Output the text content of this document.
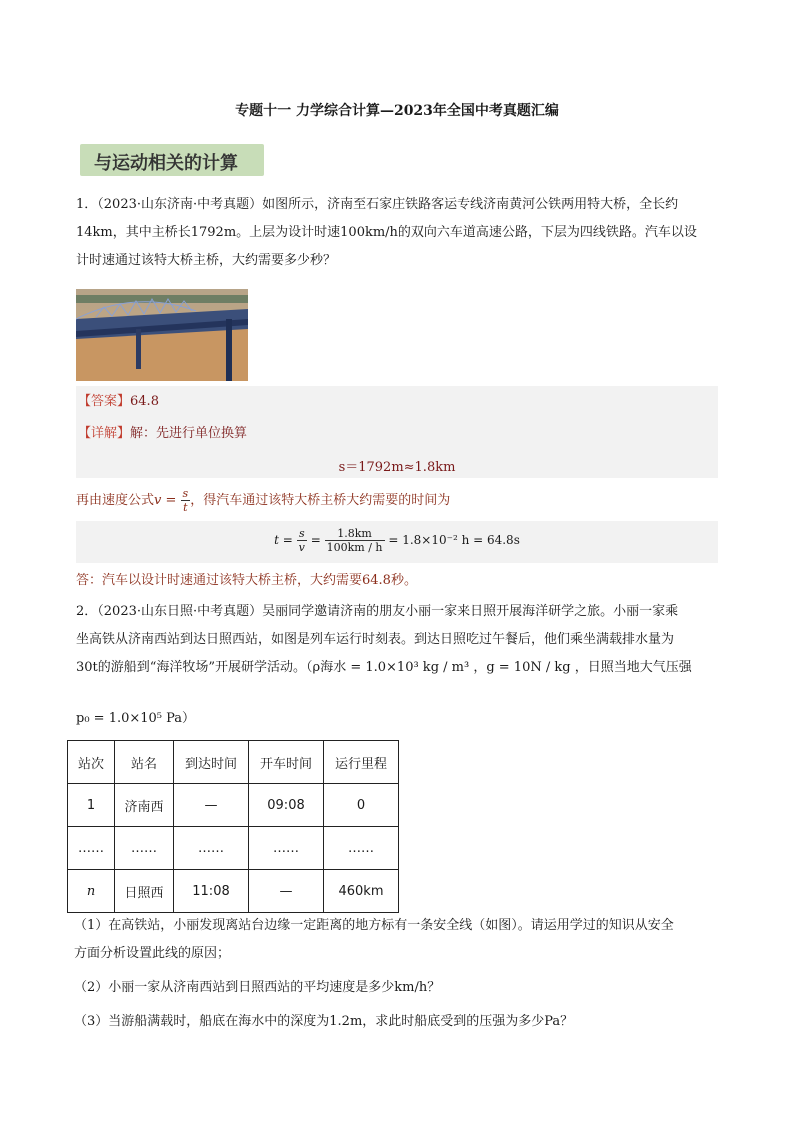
专题十一 力学综合计算—2023年全国中考真题汇编
与运动相关的计算
1．（2023·山东济南·中考真题）如图所示，济南至石家庄铁路客运专线济南黄河公铁两用特大桥，全长约
14km，其中主桥长1792m。上层为设计时速100km/h的双向六车道高速公路，下层为四线铁路。汽车以设
计时速通过该特大桥主桥，大约需要多少秒？
【答案】64.8
【详解】解：先进行单位换算
s＝1792m≈1.8km
再由速度公式$v = \frac{s}{t}$ ，得汽车通过该特大桥主桥大约需要的时间为
$t = \frac{s}{v} = \frac{1.8km}{100km / h} = 1.8\times 10^{-2}$ h = 64.8s
答：汽车以设计时速通过该特大桥主桥，大约需要64.8秒。
2．（2023·山东日照·中考真题）吴丽同学邀请济南的朋友小丽一家来日照开展海洋研学之旅。小丽一家乘
坐高铁从济南西站到达日照西站，如图是列车运行时刻表。到达日照吃过午餐后，他们乘坐满载排水量为
30t的游船到“海洋牧场”开展研学活动。（ρ海水 = 1.0×10³ kg / m³ ，g = 10N / kg ，日照当地大气压强
p₀ = 1.0×10⁵ Pa）
站次	站名	到达时间	开车时间	运行里程
1	济南西	—	09:08	0
……	……	……	……	……
n	日照西	11:08	—	460km
（1）在高铁站，小丽发现离站台边缘一定距离的地方标有一条安全线（如图）。请运用学过的知识从安全
方面分析设置此线的原因；
（2）小丽一家从济南西站到日照西站的平均速度是多少km/h？
（3）当游船满载时，船底在海水中的深度为1.2m，求此时船底受到的压强为多少Pa？
